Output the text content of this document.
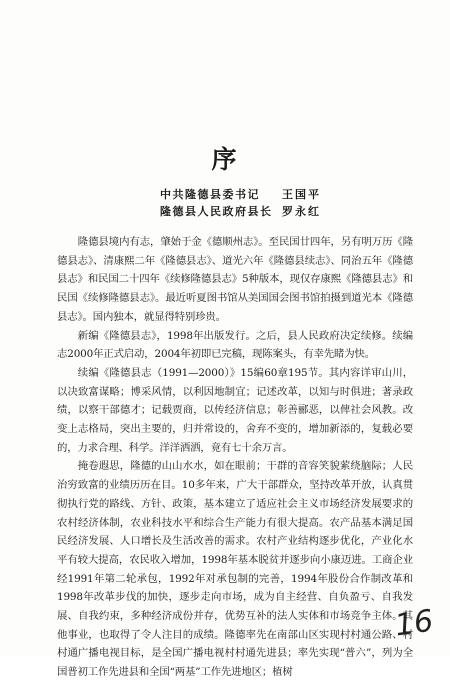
序
中共隆德县委书记 王国平
隆德县人民政府县长 罗永红

隆德县境内有志，肇始于金《德顺州志》。至民国廿四年，另有明万历《隆德县志》、清康熙二年《隆德县志》、道光六年《隆德县续志》、同治五年《隆德县志》和民国二十四年《续修隆德县志》5种版本，现仅存康熙《隆德县志》和民国《续修隆德县志》。最近听夏图书馆从美国国会图书馆拍摄到道光本《隆德县志》。国内独本，就显得特别珍贵。

新编《隆德县志》，1998年出版发行。之后，县人民政府决定续修。续编志2000年正式启动，2004年初即已完稿，现陈案头，有幸先睹为快。

续编《隆德县志（1991—2000）》15编60章195节。其内容详审山川，以决致富谋略；博采风情，以利因地制宜；记述改革，以知与时俱进；著录政绩，以察干部德才；记载贾商，以传经济信息；彰善郦恶，以俾社会风教。改变上志格局，突出主要的，归并常设的，舍弃不变的，增加新添的，复载必要的，力求合理、科学。洋洋洒洒，竟有七十余万言。

掩卷遐思，隆德的山山水水，如在眼前；干群的音容笑貌萦绕脑际；人民治穷致富的业绩历历在目。10多年来，广大干部群众，坚持改革开放，认真贯彻执行党的路线、方针、政策，基本建立了适应社会主义市场经济发展要求的农村经济体制，农业科技水平和综合生产能力有很大提高。农产品基本满足国民经济发展、人口增长及生活改善的需求。农村产业结构逐步优化，产业化水平有较大提高，农民收入增加，1998年基本脱贫并逐步向小康迈进。工商企业经1991年第二轮承包，1992年对承包制的完善，1994年股份合作制改革和1998年改革步伐的加快，逐步走向市场，成为自主经营、自负盈亏、自我发展、自我约束，多种经济成份并存，优势互补的法人实体和市场竞争主体。其他事业，也取得了令人注目的成绩。隆德率先在南部山区实现村村通公路、村村通广播电视目标，是全国广播电视村村通先进县；率先实现“普六”，列为全国普初工作先进县和全国“两基”工作先进地区；植树

16
